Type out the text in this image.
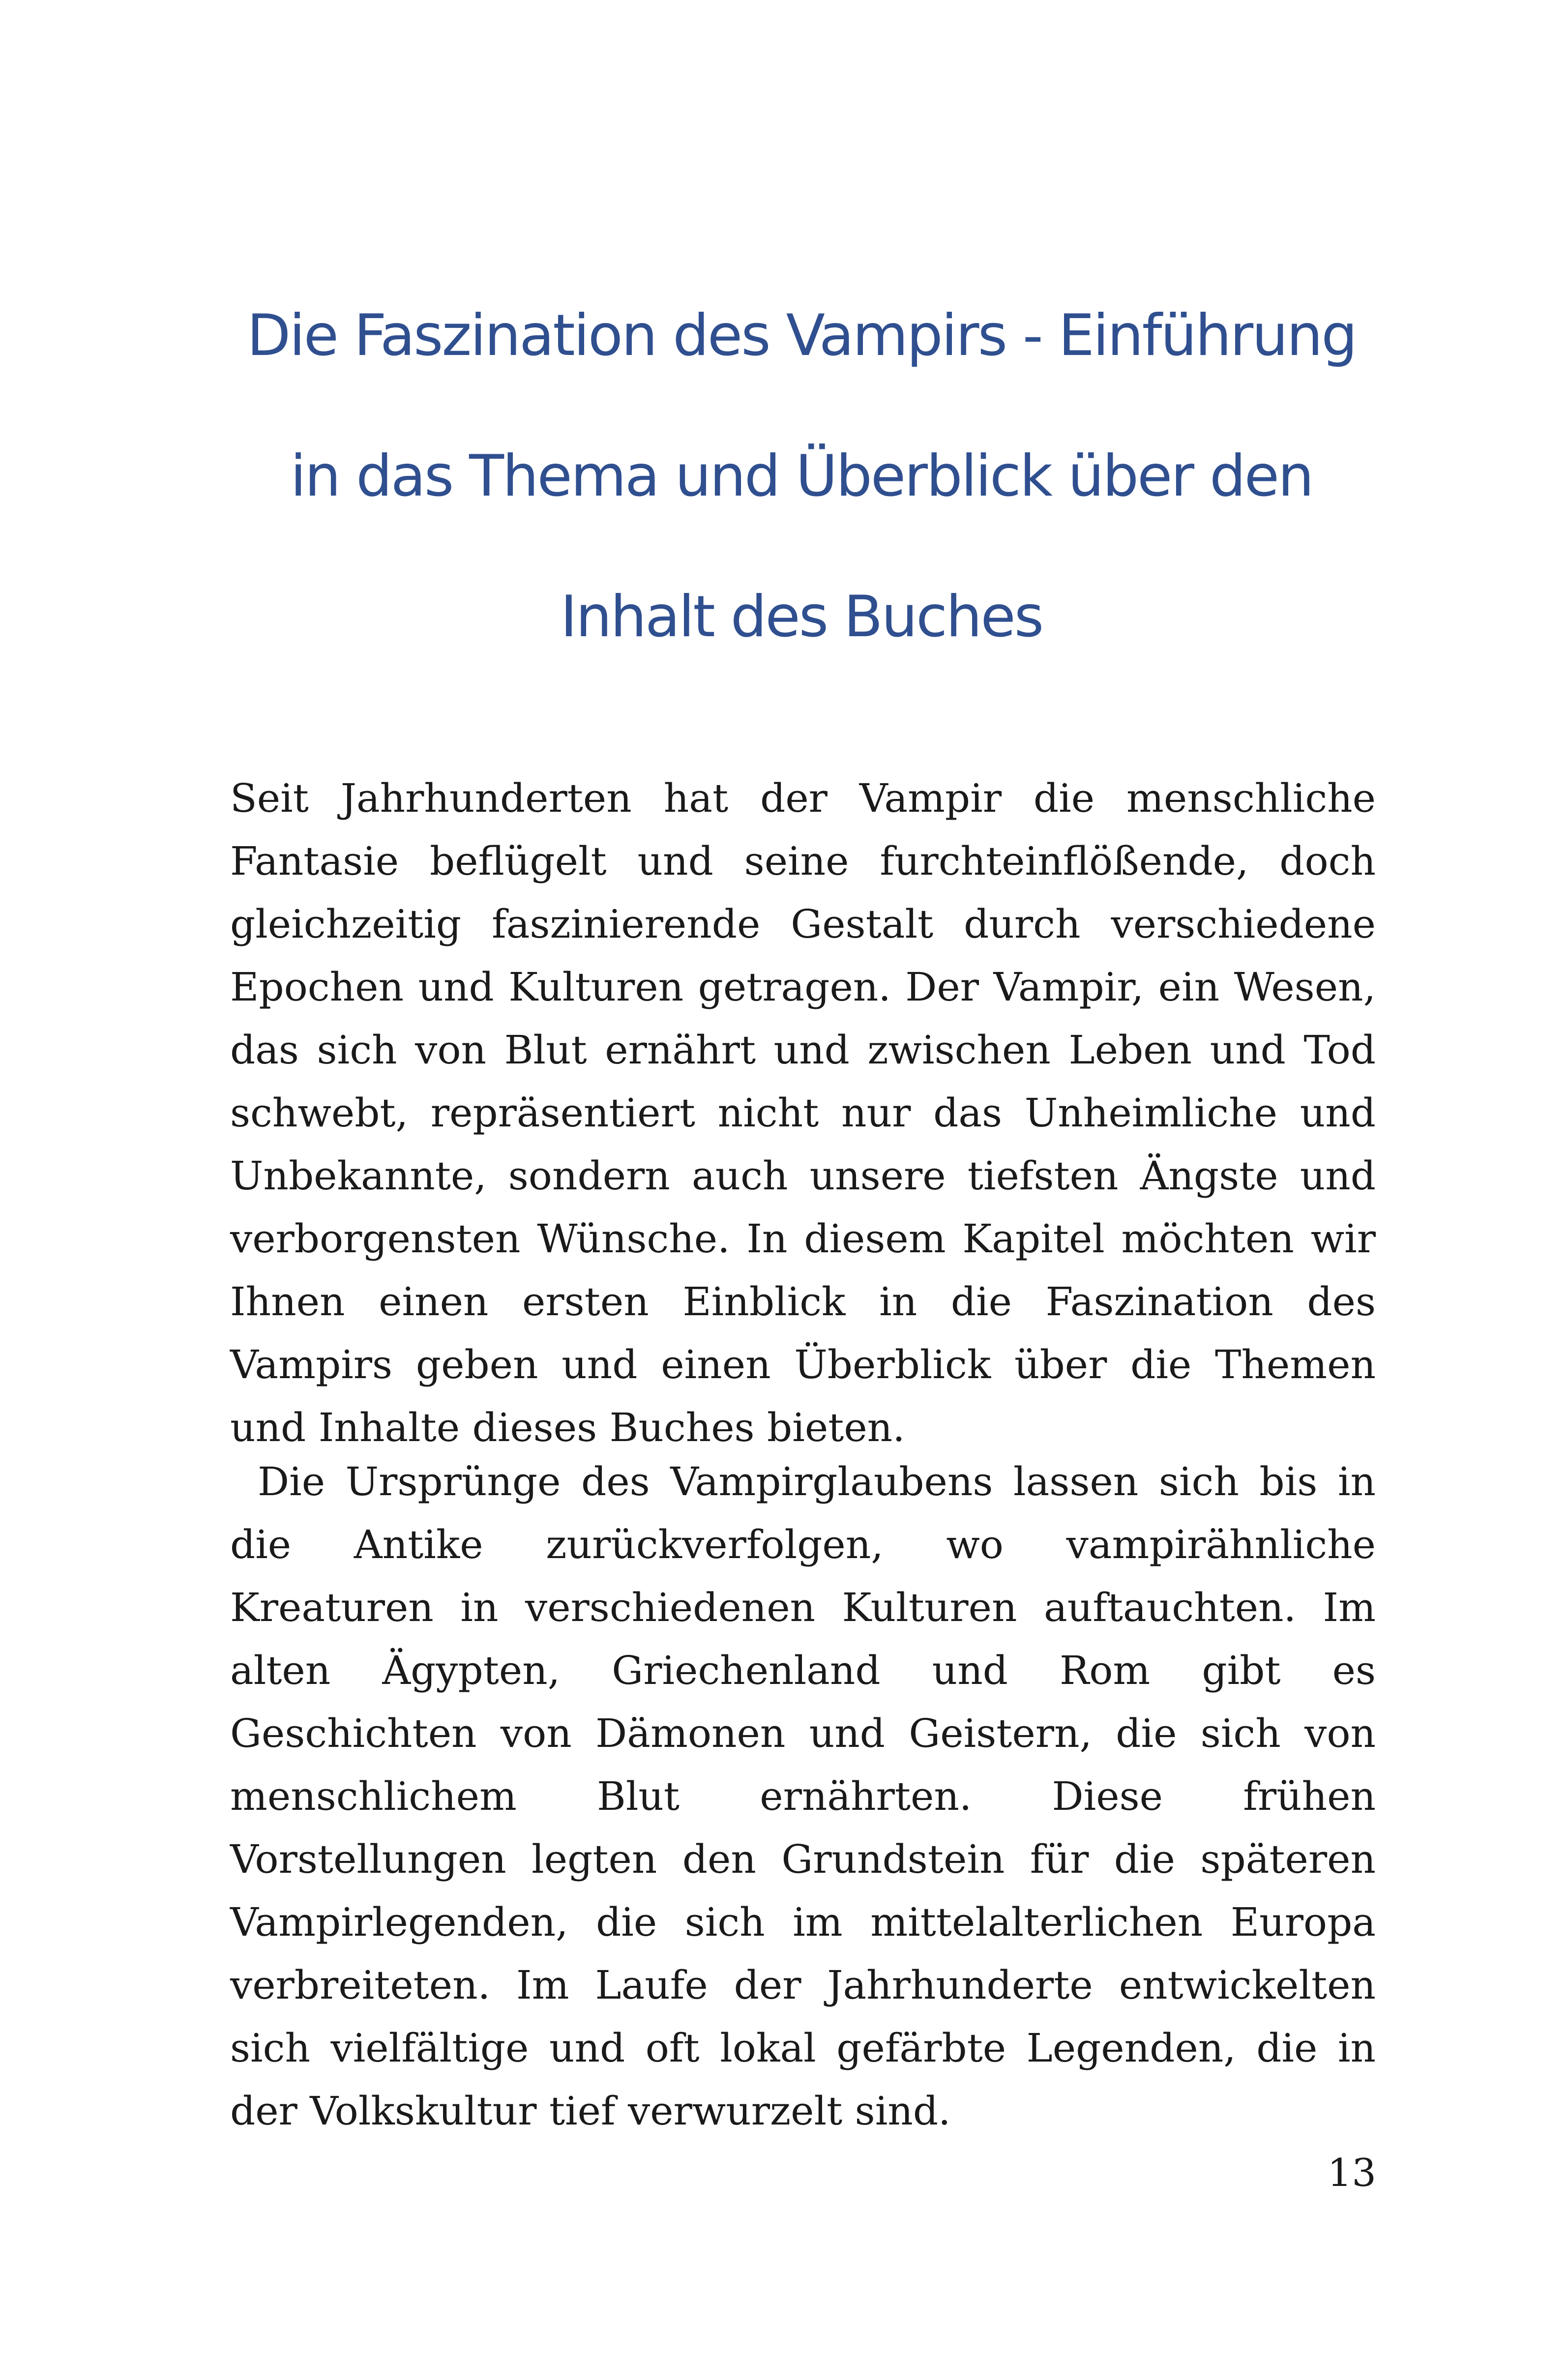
Die Faszination des Vampirs - Einführung
in das Thema und Überblick über den
Inhalt des Buches

Seit Jahrhunderten hat der Vampir die menschliche Fantasie beflügelt und seine furchteinflößende, doch gleichzeitig faszinierende Gestalt durch verschiedene Epochen und Kulturen getragen. Der Vampir, ein Wesen, das sich von Blut ernährt und zwischen Leben und Tod schwebt, repräsentiert nicht nur das Unheimliche und Unbekannte, sondern auch unsere tiefsten Ängste und verborgensten Wünsche. In diesem Kapitel möchten wir Ihnen einen ersten Einblick in die Faszination des Vampirs geben und einen Überblick über die Themen und Inhalte dieses Buches bieten.

Die Ursprünge des Vampirglaubens lassen sich bis in die Antike zurückverfolgen, wo vampirähnliche Kreaturen in verschiedenen Kulturen auftauchten. Im alten Ägypten, Griechenland und Rom gibt es Geschichten von Dämonen und Geistern, die sich von menschlichem Blut ernährten. Diese frühen Vorstellungen legten den Grundstein für die späteren Vampirlegenden, die sich im mittelalterlichen Europa verbreiteten. Im Laufe der Jahrhunderte entwickelten sich vielfältige und oft lokal gefärbte Legenden, die in der Volkskultur tief verwurzelt sind.

13
